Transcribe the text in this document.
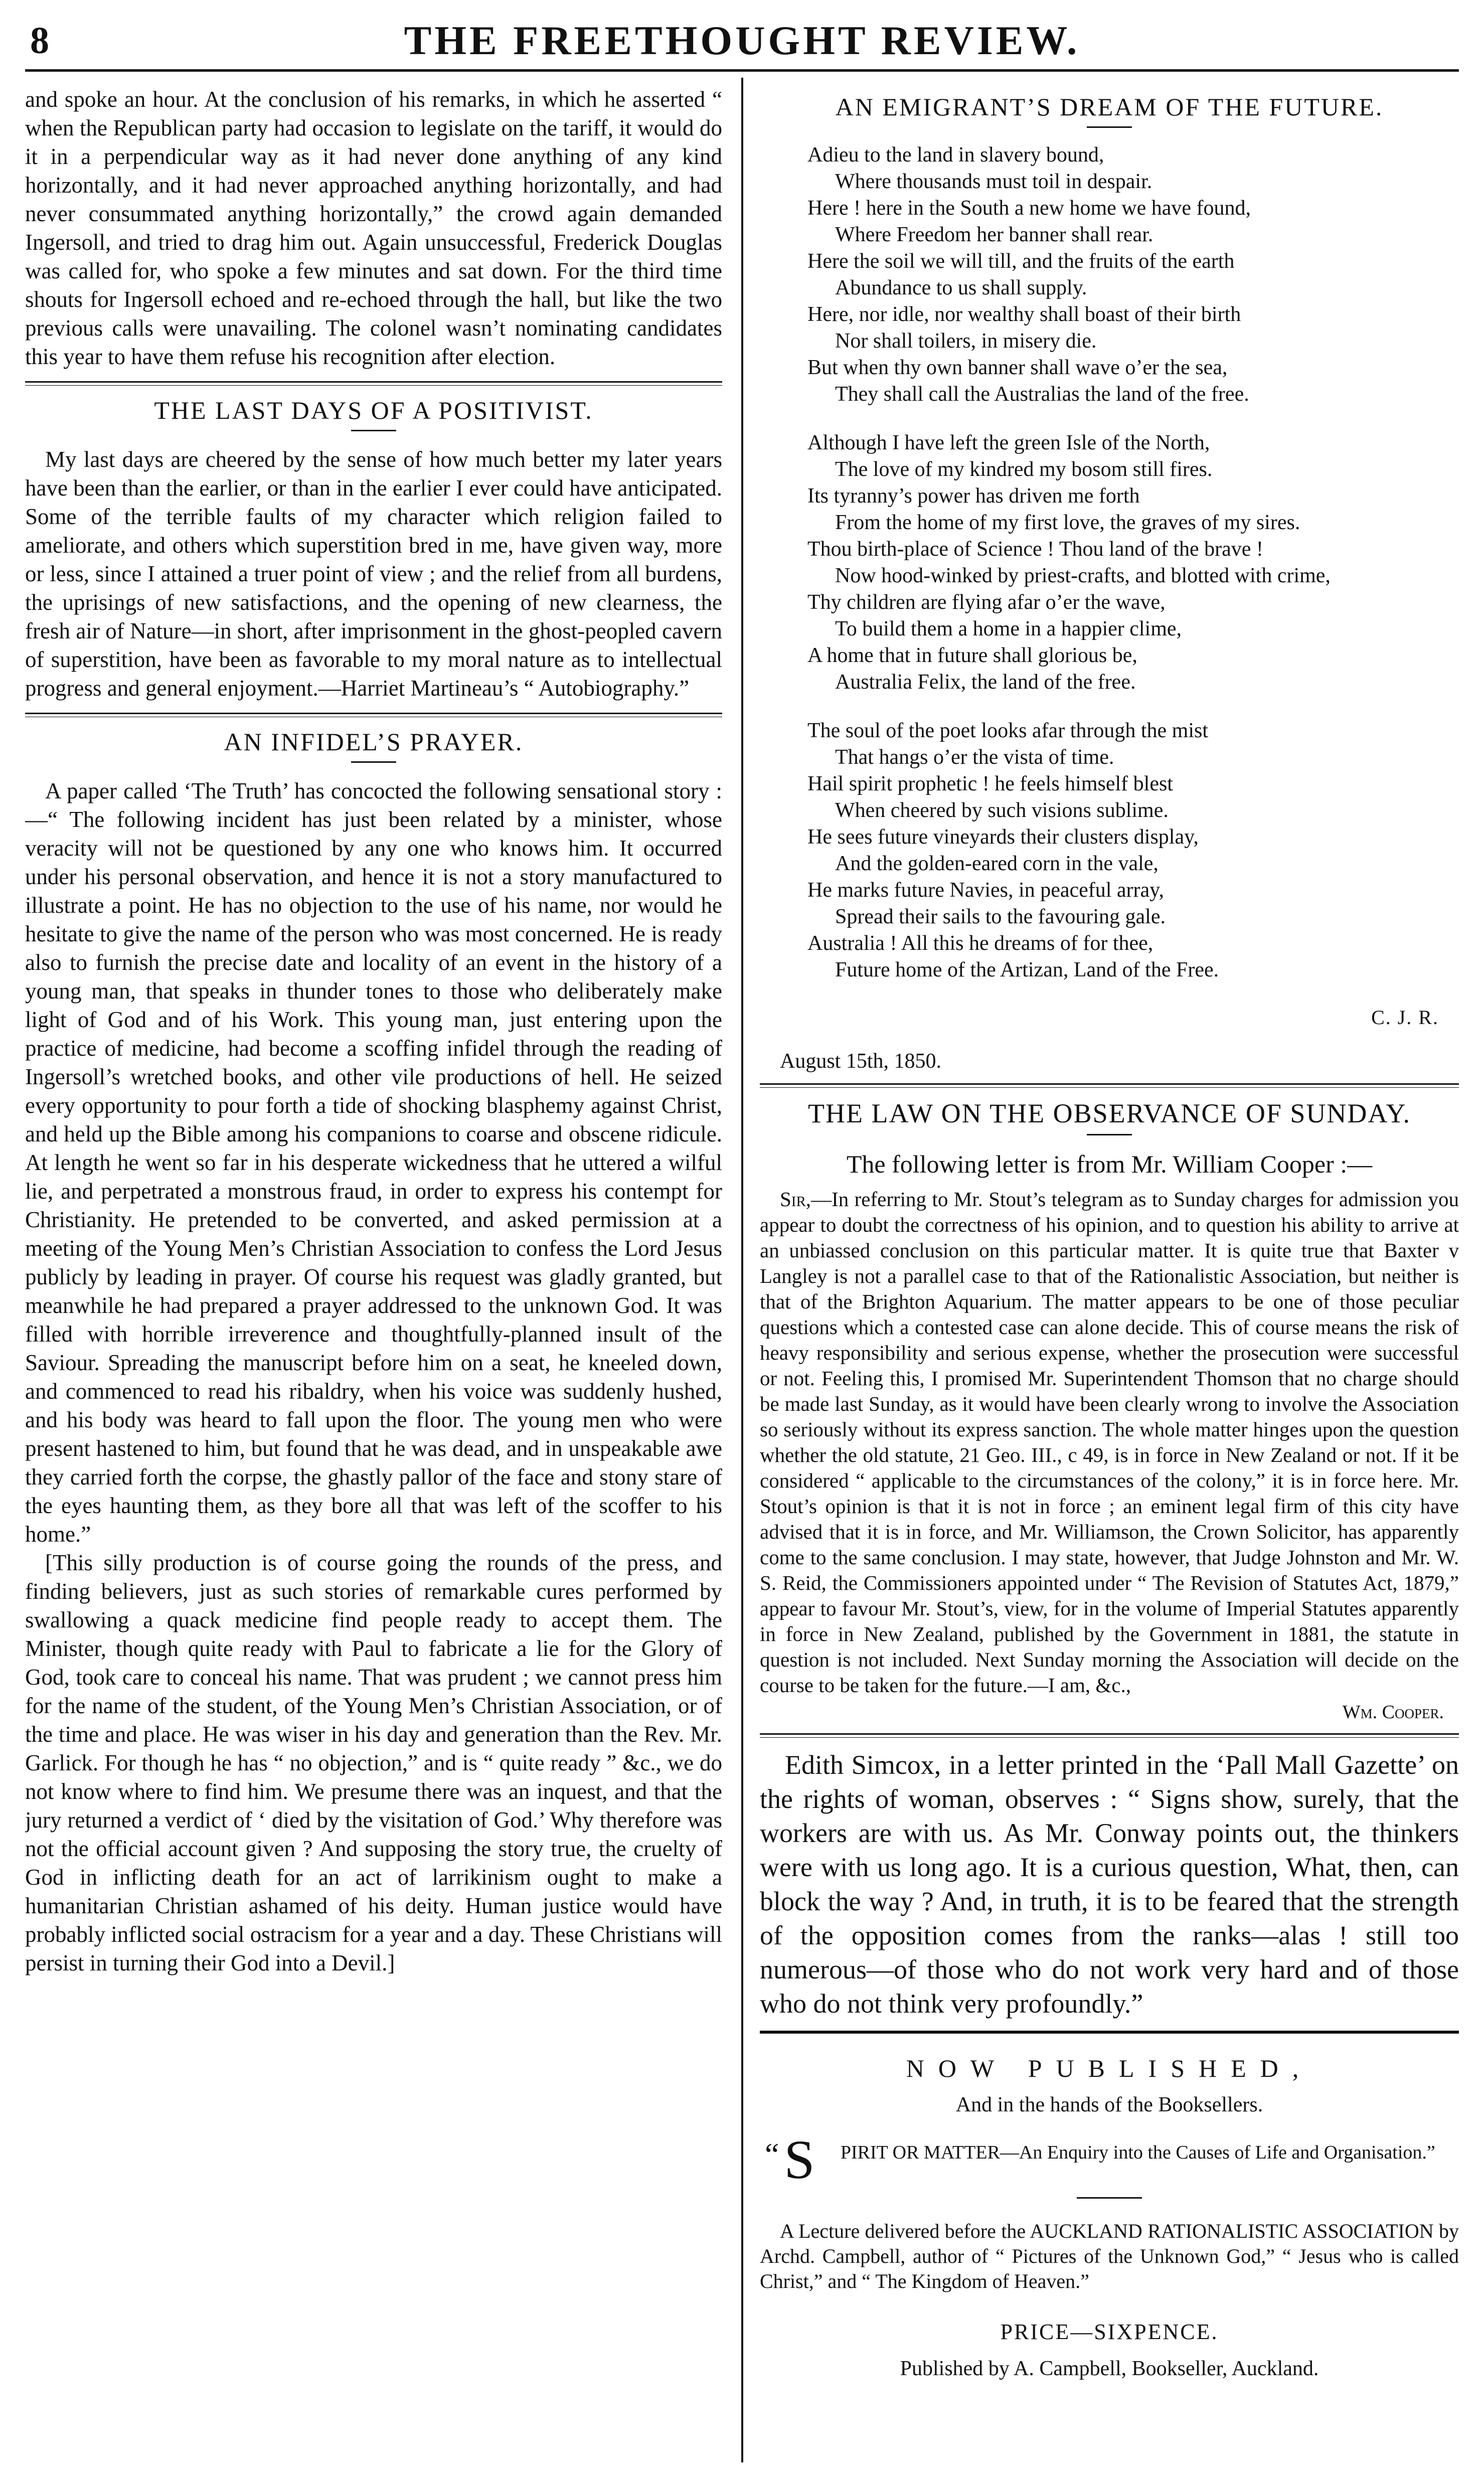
8	THE FREETHOUGHT REVIEW.

and spoke an hour. At the conclusion of his remarks, in which he asserted “ when the Republican party had occasion to legislate on the tariff, it would do it in a perpendicular way as it had never done anything of any kind horizontally, and it had never approached anything horizontally, and had never consummated anything horizontally,” the crowd again demanded Ingersoll, and tried to drag him out. Again unsuccessful, Frederick Douglas was called for, who spoke a few minutes and sat down. For the third time shouts for Ingersoll echoed and re-echoed through the hall, but like the two previous calls were unavailing. The colonel wasn’t nominating candidates this year to have them refuse his recognition after election.

THE LAST DAYS OF A POSITIVIST.

My last days are cheered by the sense of how much better my later years have been than the earlier, or than in the earlier I ever could have anticipated. Some of the terrible faults of my character which religion failed to ameliorate, and others which superstition bred in me, have given way, more or less, since I attained a truer point of view ; and the relief from all burdens, the uprisings of new satisfactions, and the opening of new clearness, the fresh air of Nature—in short, after imprisonment in the ghost-peopled cavern of superstition, have been as favorable to my moral nature as to intellectual progress and general enjoyment.—Harriet Martineau’s “ Autobiography.”

AN INFIDEL’S PRAYER.

A paper called ‘The Truth’ has concocted the following sensational story :—“ The following incident has just been related by a minister, whose veracity will not be questioned by any one who knows him. It occurred under his personal observation, and hence it is not a story manufactured to illustrate a point. He has no objection to the use of his name, nor would he hesitate to give the name of the person who was most concerned. He is ready also to furnish the precise date and locality of an event in the history of a young man, that speaks in thunder tones to those who deliberately make light of God and of his Work. This young man, just entering upon the practice of medicine, had become a scoffing infidel through the reading of Ingersoll’s wretched books, and other vile productions of hell. He seized every opportunity to pour forth a tide of shocking blasphemy against Christ, and held up the Bible among his companions to coarse and obscene ridicule. At length he went so far in his desperate wickedness that he uttered a wilful lie, and perpetrated a monstrous fraud, in order to express his contempt for Christianity. He pretended to be converted, and asked permission at a meeting of the Young Men’s Christian Association to confess the Lord Jesus publicly by leading in prayer. Of course his request was gladly granted, but meanwhile he had prepared a prayer addressed to the unknown God. It was filled with horrible irreverence and thoughtfully-planned insult of the Saviour. Spreading the manuscript before him on a seat, he kneeled down, and commenced to read his ribaldry, when his voice was suddenly hushed, and his body was heard to fall upon the floor. The young men who were present hastened to him, but found that he was dead, and in unspeakable awe they carried forth the corpse, the ghastly pallor of the face and stony stare of the eyes haunting them, as they bore all that was left of the scoffer to his home.”

[This silly production is of course going the rounds of the press, and finding believers, just as such stories of remarkable cures performed by swallowing a quack medicine find people ready to accept them. The Minister, though quite ready with Paul to fabricate a lie for the Glory of God, took care to conceal his name. That was prudent ; we cannot press him for the name of the student, of the Young Men’s Christian Association, or of the time and place. He was wiser in his day and generation than the Rev. Mr. Garlick. For though he has “ no objection,” and is “ quite ready ” &c., we do not know where to find him. We presume there was an inquest, and that the jury returned a verdict of ‘ died by the visitation of God.’ Why therefore was not the official account given ? And supposing the story true, the cruelty of God in inflicting death for an act of larrikinism ought to make a humanitarian Christian ashamed of his deity. Human justice would have probably inflicted social ostracism for a year and a day. These Christians will persist in turning their God into a Devil.]

AN EMIGRANT’S DREAM OF THE FUTURE.
Adieu to the land in slavery bound,
Where thousands must toil in despair.
Here ! here in the South a new home we have found,
Where Freedom her banner shall rear.
Here the soil we will till, and the fruits of the earth
Abundance to us shall supply.
Here, nor idle, nor wealthy shall boast of their birth
Nor shall toilers, in misery die.
But when thy own banner shall wave o’er the sea,
They shall call the Australias the land of the free.
Although I have left the green Isle of the North,
The love of my kindred my bosom still fires.
Its tyranny’s power has driven me forth
From the home of my first love, the graves of my sires.
Thou birth-place of Science ! Thou land of the brave !
Now hood-winked by priest-crafts, and blotted with crime,
Thy children are flying afar o’er the wave,
To build them a home in a happier clime,
A home that in future shall glorious be,
Australia Felix, the land of the free.
The soul of the poet looks afar through the mist
That hangs o’er the vista of time.
Hail spirit prophetic ! he feels himself blest
When cheered by such visions sublime.
He sees future vineyards their clusters display,
And the golden-eared corn in the vale,
He marks future Navies, in peaceful array,
Spread their sails to the favouring gale.
Australia ! All this he dreams of for thee,
Future home of the Artizan, Land of the Free.
C. J. R.
August 15th, 1850.
THE LAW ON THE OBSERVANCE OF SUNDAY.
The following letter is from Mr. William Cooper :—

Sir,—In referring to Mr. Stout’s telegram as to Sunday charges for admission you appear to doubt the correctness of his opinion, and to question his ability to arrive at an unbiassed conclusion on this particular matter. It is quite true that Baxter v Langley is not a parallel case to that of the Rationalistic Association, but neither is that of the Brighton Aquarium. The matter appears to be one of those peculiar questions which a contested case can alone decide. This of course means the risk of heavy responsibility and serious expense, whether the prosecution were successful or not. Feeling this, I promised Mr. Superintendent Thomson that no charge should be made last Sunday, as it would have been clearly wrong to involve the Association so seriously without its express sanction. The whole matter hinges upon the question whether the old statute, 21 Geo. III., c 49, is in force in New Zealand or not. If it be considered “ applicable to the circumstances of the colony,” it is in force here. Mr. Stout’s opinion is that it is not in force ; an eminent legal firm of this city have advised that it is in force, and Mr. Williamson, the Crown Solicitor, has apparently come to the same conclusion. I may state, however, that Judge Johnston and Mr. W. S. Reid, the Commissioners appointed under “ The Revision of Statutes Act, 1879,” appear to favour Mr. Stout’s, view, for in the volume of Imperial Statutes apparently in force in New Zealand, published by the Government in 1881, the statute in question is not included. Next Sunday morning the Association will decide on the course to be taken for the future.—I am, &c.,

Wm. Cooper.

Edith Simcox, in a letter printed in the ‘Pall Mall Gazette’ on the rights of woman, observes : “ Signs show, surely, that the workers are with us. As Mr. Conway points out, the thinkers were with us long ago. It is a curious question, What, then, can block the way ? And, in truth, it is to be feared that the strength of the opposition comes from the ranks—alas ! still too numerous—of those who do not work very hard and of those who do not think very profoundly.”

NOW PUBLISHED,
And in the hands of the Booksellers.
“ S	PIRIT OR MATTER—An Enquiry into the Causes of Life and Organisation.”

A Lecture delivered before the AUCKLAND RATIONALISTIC ASSOCIATION by Archd. Campbell, author of “ Pictures of the Unknown God,” “ Jesus who is called Christ,” and “ The Kingdom of Heaven.”

PRICE—SIXPENCE.
Published by A. Campbell, Bookseller, Auckland.
